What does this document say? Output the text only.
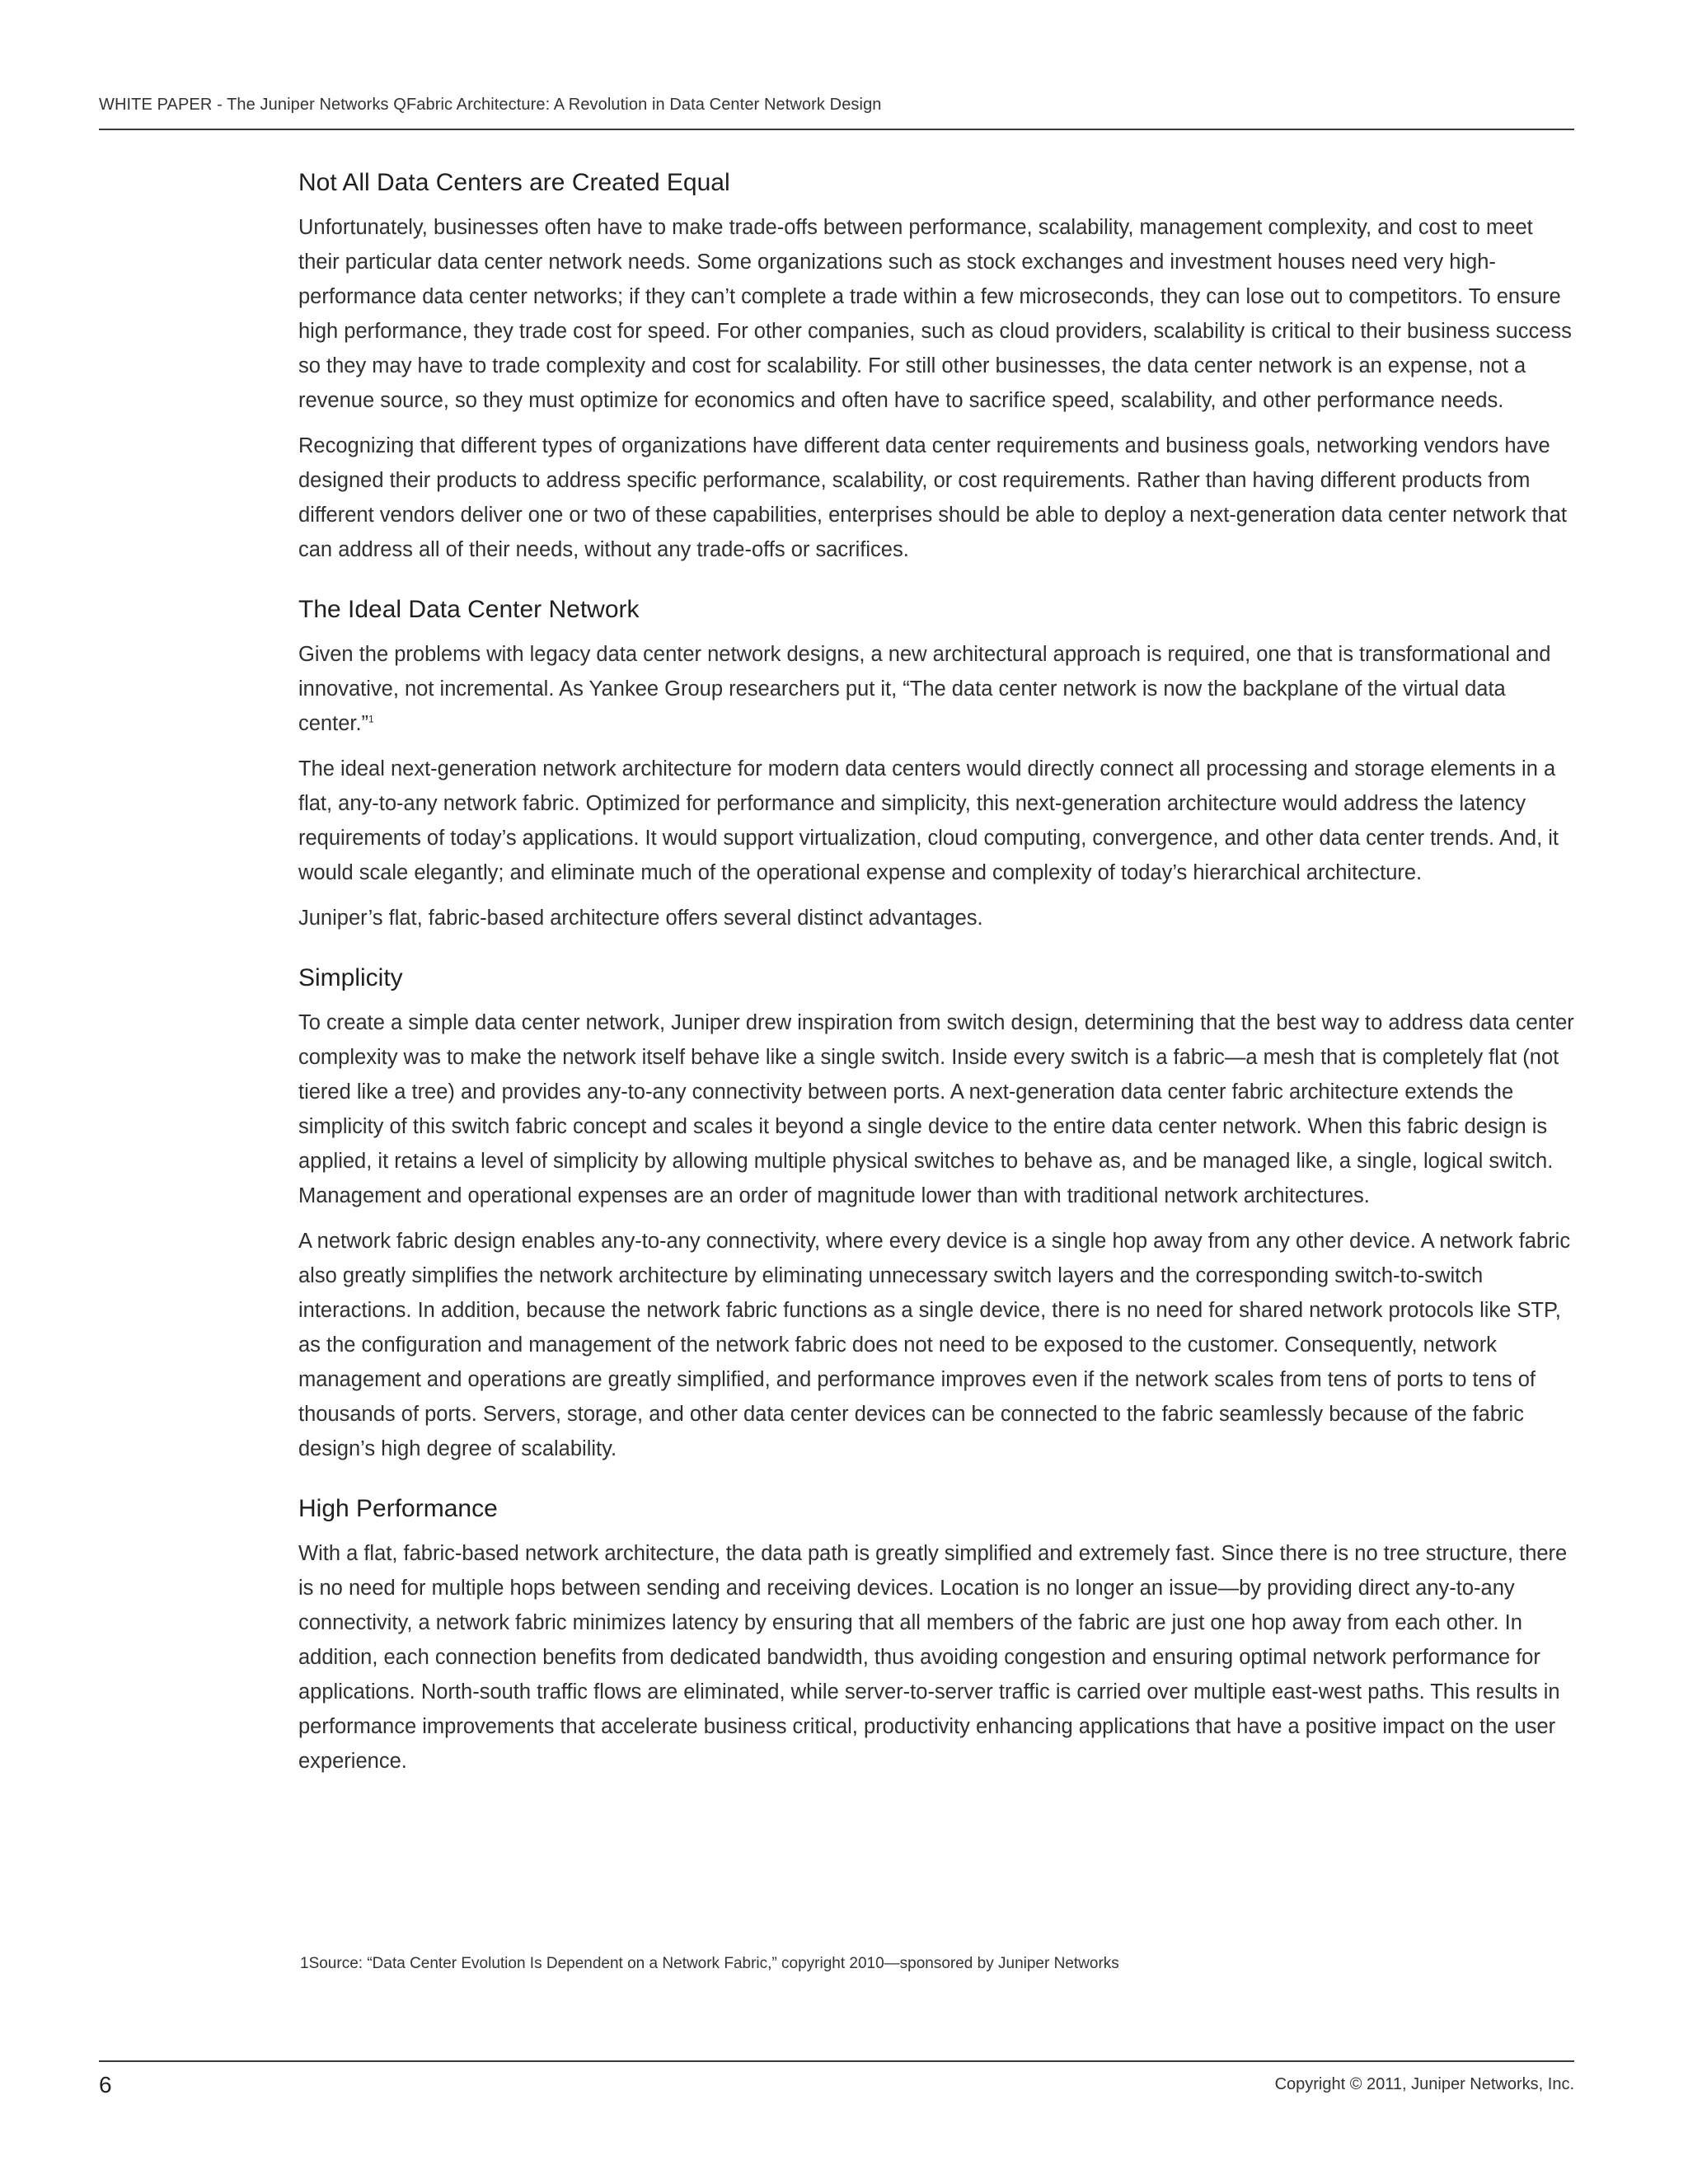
WHITE PAPER - The Juniper Networks QFabric Architecture: A Revolution in Data Center Network Design
Not All Data Centers are Created Equal

Unfortunately, businesses often have to make trade-offs between performance, scalability, management complexity, and cost to meet their particular data center network needs. Some organizations such as stock exchanges and investment houses need very high-performance data center networks; if they can’t complete a trade within a few microseconds, they can lose out to competitors. To ensure high performance, they trade cost for speed. For other companies, such as cloud providers, scalability is critical to their business success so they may have to trade complexity and cost for scalability. For still other businesses, the data center network is an expense, not a revenue source, so they must optimize for economics and often have to sacrifice speed, scalability, and other performance needs.

Recognizing that different types of organizations have different data center requirements and business goals, networking vendors have designed their products to address specific performance, scalability, or cost requirements. Rather than having different products from different vendors deliver one or two of these capabilities, enterprises should be able to deploy a next-generation data center network that can address all of their needs, without any trade-offs or sacrifices.

The Ideal Data Center Network

Given the problems with legacy data center network designs, a new architectural approach is required, one that is transformational and innovative, not incremental. As Yankee Group researchers put it, “The data center network is now the backplane of the virtual data center.”$^1$

The ideal next-generation network architecture for modern data centers would directly connect all processing and storage elements in a flat, any-to-any network fabric. Optimized for performance and simplicity, this next-generation architecture would address the latency requirements of today’s applications. It would support virtualization, cloud computing, convergence, and other data center trends. And, it would scale elegantly; and eliminate much of the operational expense and complexity of today’s hierarchical architecture.

Juniper’s flat, fabric-based architecture offers several distinct advantages.

Simplicity

To create a simple data center network, Juniper drew inspiration from switch design, determining that the best way to address data center complexity was to make the network itself behave like a single switch. Inside every switch is a fabric—a mesh that is completely flat (not tiered like a tree) and provides any-to-any connectivity between ports. A next-generation data center fabric architecture extends the simplicity of this switch fabric concept and scales it beyond a single device to the entire data center network. When this fabric design is applied, it retains a level of simplicity by allowing multiple physical switches to behave as, and be managed like, a single, logical switch. Management and operational expenses are an order of magnitude lower than with traditional network architectures.

A network fabric design enables any-to-any connectivity, where every device is a single hop away from any other device. A network fabric also greatly simplifies the network architecture by eliminating unnecessary switch layers and the corresponding switch-to-switch interactions. In addition, because the network fabric functions as a single device, there is no need for shared network protocols like STP, as the configuration and management of the network fabric does not need to be exposed to the customer. Consequently, network management and operations are greatly simplified, and performance improves even if the network scales from tens of ports to tens of thousands of ports. Servers, storage, and other data center devices can be connected to the fabric seamlessly because of the fabric design’s high degree of scalability.

High Performance

With a flat, fabric-based network architecture, the data path is greatly simplified and extremely fast. Since there is no tree structure, there is no need for multiple hops between sending and receiving devices. Location is no longer an issue—by providing direct any-to-any connectivity, a network fabric minimizes latency by ensuring that all members of the fabric are just one hop away from each other. In addition, each connection benefits from dedicated bandwidth, thus avoiding congestion and ensuring optimal network performance for applications. North-south traffic flows are eliminated, while server-to-server traffic is carried over multiple east-west paths. This results in performance improvements that accelerate business critical, productivity enhancing applications that have a positive impact on the user experience.

1Source: “Data Center Evolution Is Dependent on a Network Fabric,” copyright 2010—sponsored by Juniper Networks
6	Copyright © 2011, Juniper Networks, Inc.
